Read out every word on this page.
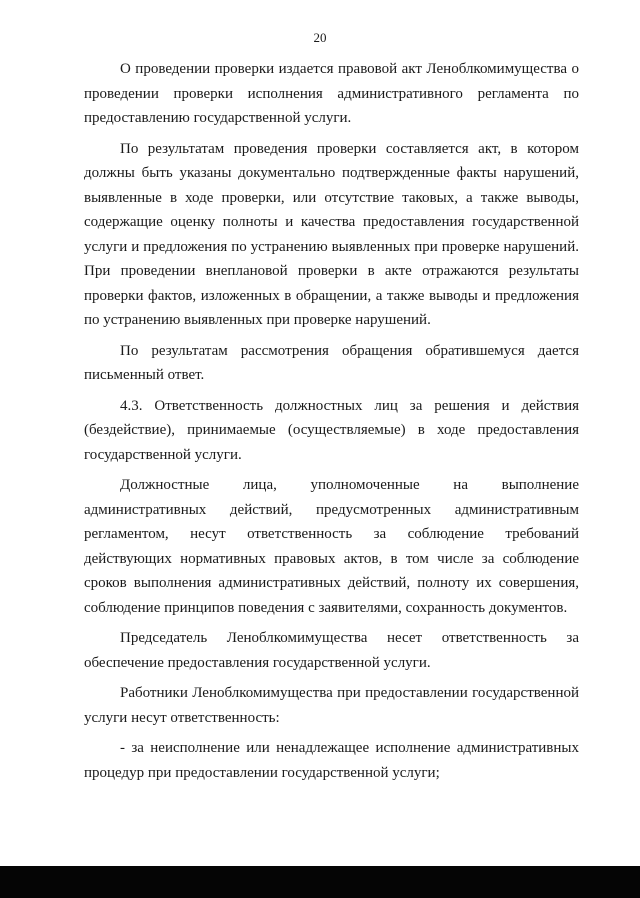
20

О проведении проверки издается правовой акт Леноблкомимущества о проведении проверки исполнения административного регламента по предоставлению государственной услуги.

По результатам проведения проверки составляется акт, в котором должны быть указаны документально подтвержденные факты нарушений, выявленные в ходе проверки, или отсутствие таковых, а также выводы, содержащие оценку полноты и качества предоставления государственной услуги и предложения по устранению выявленных при проверке нарушений. При проведении внеплановой проверки в акте отражаются результаты проверки фактов, изложенных в обращении, а также выводы и предложения по устранению выявленных при проверке нарушений.

По результатам рассмотрения обращения обратившемуся дается письменный ответ.

4.3. Ответственность должностных лиц за решения и действия (бездействие), принимаемые (осуществляемые) в ходе предоставления государственной услуги.

Должностные лица, уполномоченные на выполнение административных действий, предусмотренных административным регламентом, несут ответственность за соблюдение требований действующих нормативных правовых актов, в том числе за соблюдение сроков выполнения административных действий, полноту их совершения, соблюдение принципов поведения с заявителями, сохранность документов.

Председатель Леноблкомимущества несет ответственность за обеспечение предоставления государственной услуги.

Работники Леноблкомимущества при предоставлении государственной услуги несут ответственность:

- за неисполнение или ненадлежащее исполнение административных процедур при предоставлении государственной услуги;
